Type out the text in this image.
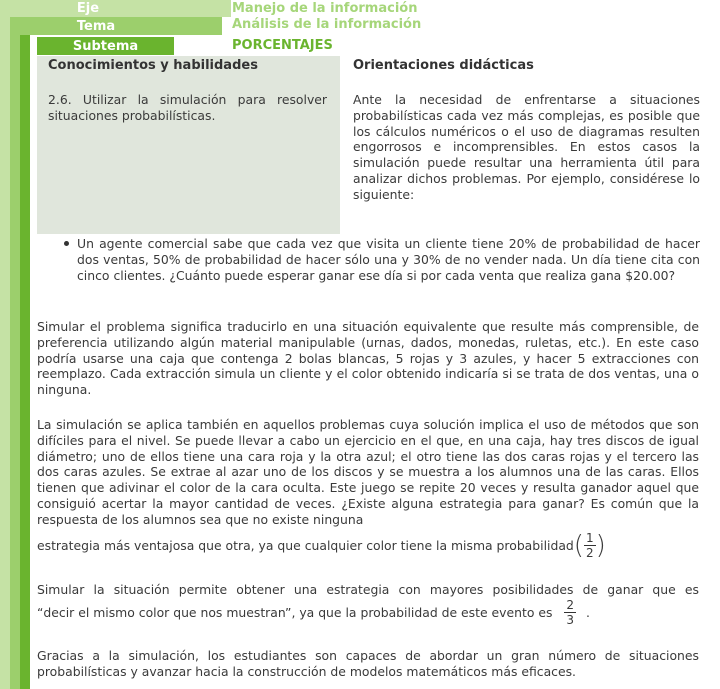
Eje
Tema
Subtema
Manejo de la información
Análisis de la información
PORCENTAJES
Conocimientos y habilidades
2.6. Utilizar la simulación para resolver situaciones probabilísticas.
Orientaciones didácticas
Ante la necesidad de enfrentarse a situaciones probabilísticas cada vez más complejas, es posible que los cálculos numéricos o el uso de diagramas resulten engorrosos e incomprensibles. En estos casos la simulación puede resultar una herramienta útil para analizar dichos problemas. Por ejemplo, considérese lo siguiente:
Un agente comercial sabe que cada vez que visita un cliente tiene 20% de probabilidad de hacer dos ventas, 50% de probabilidad de hacer sólo una y 30% de no vender nada. Un día tiene cita con cinco clientes. ¿Cuánto puede esperar ganar ese día si por cada venta que realiza gana $20.00?

Simular el problema significa traducirlo en una situación equivalente que resulte más comprensible, de preferencia utilizando algún material manipulable (urnas, dados, monedas, ruletas, etc.). En este caso podría usarse una caja que contenga 2 bolas blancas, 5 rojas y 3 azules, y hacer 5 extracciones con reemplazo. Cada extracción simula un cliente y el color obtenido indicaría si se trata de dos ventas, una o ninguna.

La simulación se aplica también en aquellos problemas cuya solución implica el uso de métodos que son difíciles para el nivel. Se puede llevar a cabo un ejercicio en el que, en una caja, hay tres discos de igual diámetro; uno de ellos tiene una cara roja y la otra azul; el otro tiene las dos caras rojas y el tercero las dos caras azules. Se extrae al azar uno de los discos y se muestra a los alumnos una de las caras. Ellos tienen que adivinar el color de la cara oculta. Este juego se repite 20 veces y resulta ganador aquel que consiguió acertar la mayor cantidad de veces. ¿Existe alguna estrategia para ganar? Es común que la respuesta de los alumnos sea que no existe ninguna

estrategia más ventajosa que otra, ya que cualquier color tiene la misma probabilidad( $\frac{1}{2}$ )
Simular la situación permite obtener una estrategia con mayores posibilidades de ganar que es
“decir el mismo color que nos muestran”, ya que la probabilidad de este evento es $\frac{2}{3}$ .

Gracias a la simulación, los estudiantes son capaces de abordar un gran número de situaciones probabilísticas y avanzar hacia la construcción de modelos matemáticos más eficaces.
